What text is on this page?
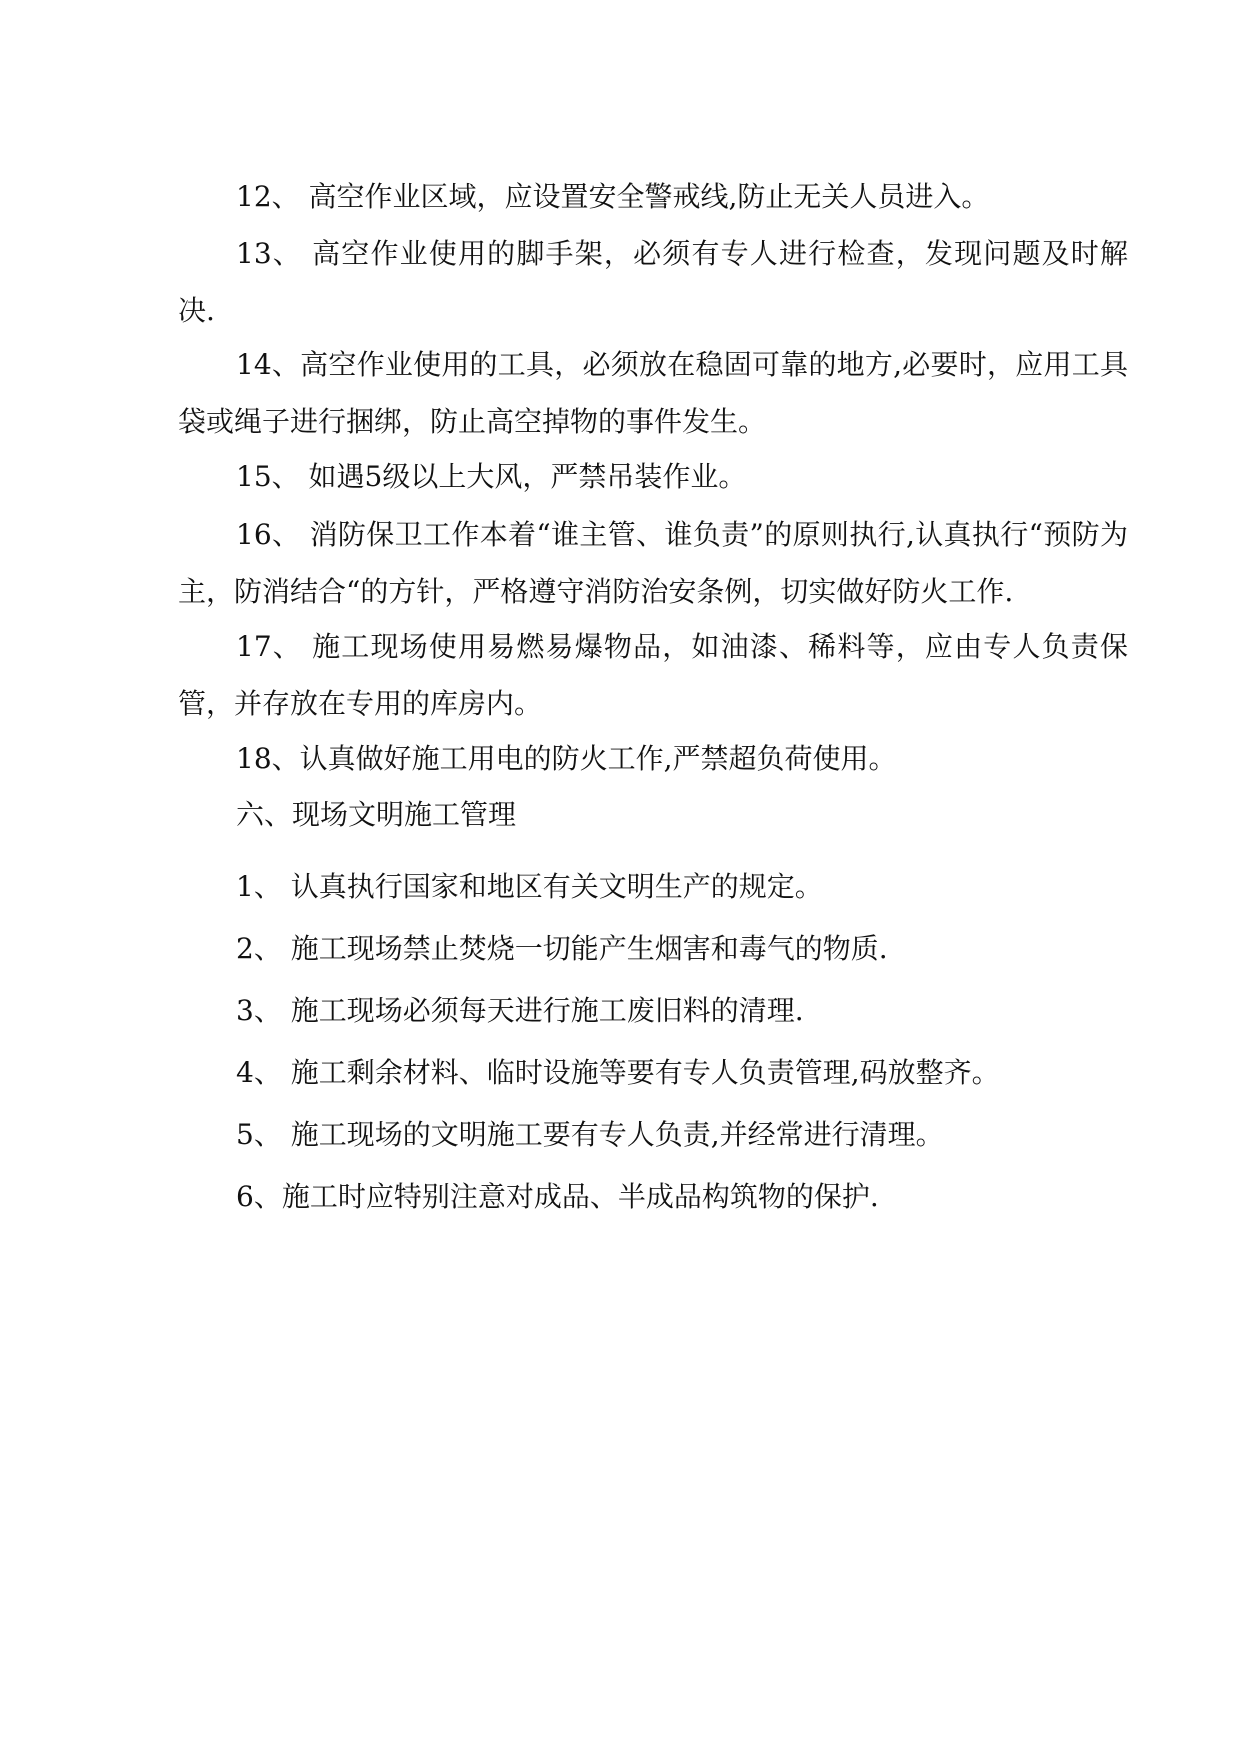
12、 高空作业区域，应设置安全警戒线,防止无关人员进入。

13、 高空作业使用的脚手架，必须有专人进行检查，发现问题及时解决.

14、高空作业使用的工具，必须放在稳固可靠的地方,必要时，应用工具袋或绳子进行捆绑，防止高空掉物的事件发生。

15、 如遇5级以上大风，严禁吊装作业。

16、 消防保卫工作本着“谁主管、谁负责”的原则执行,认真执行“预防为主，防消结合“的方针，严格遵守消防治安条例，切实做好防火工作.

17、 施工现场使用易燃易爆物品，如油漆、稀料等，应由专人负责保管，并存放在专用的库房内。

18、认真做好施工用电的防火工作,严禁超负荷使用。

六、现场文明施工管理

1、 认真执行国家和地区有关文明生产的规定。

2、 施工现场禁止焚烧一切能产生烟害和毒气的物质.

3、 施工现场必须每天进行施工废旧料的清理.

4、 施工剩余材料、临时设施等要有专人负责管理,码放整齐。

5、 施工现场的文明施工要有专人负责,并经常进行清理。

6、施工时应特别注意对成品、半成品构筑物的保护.
